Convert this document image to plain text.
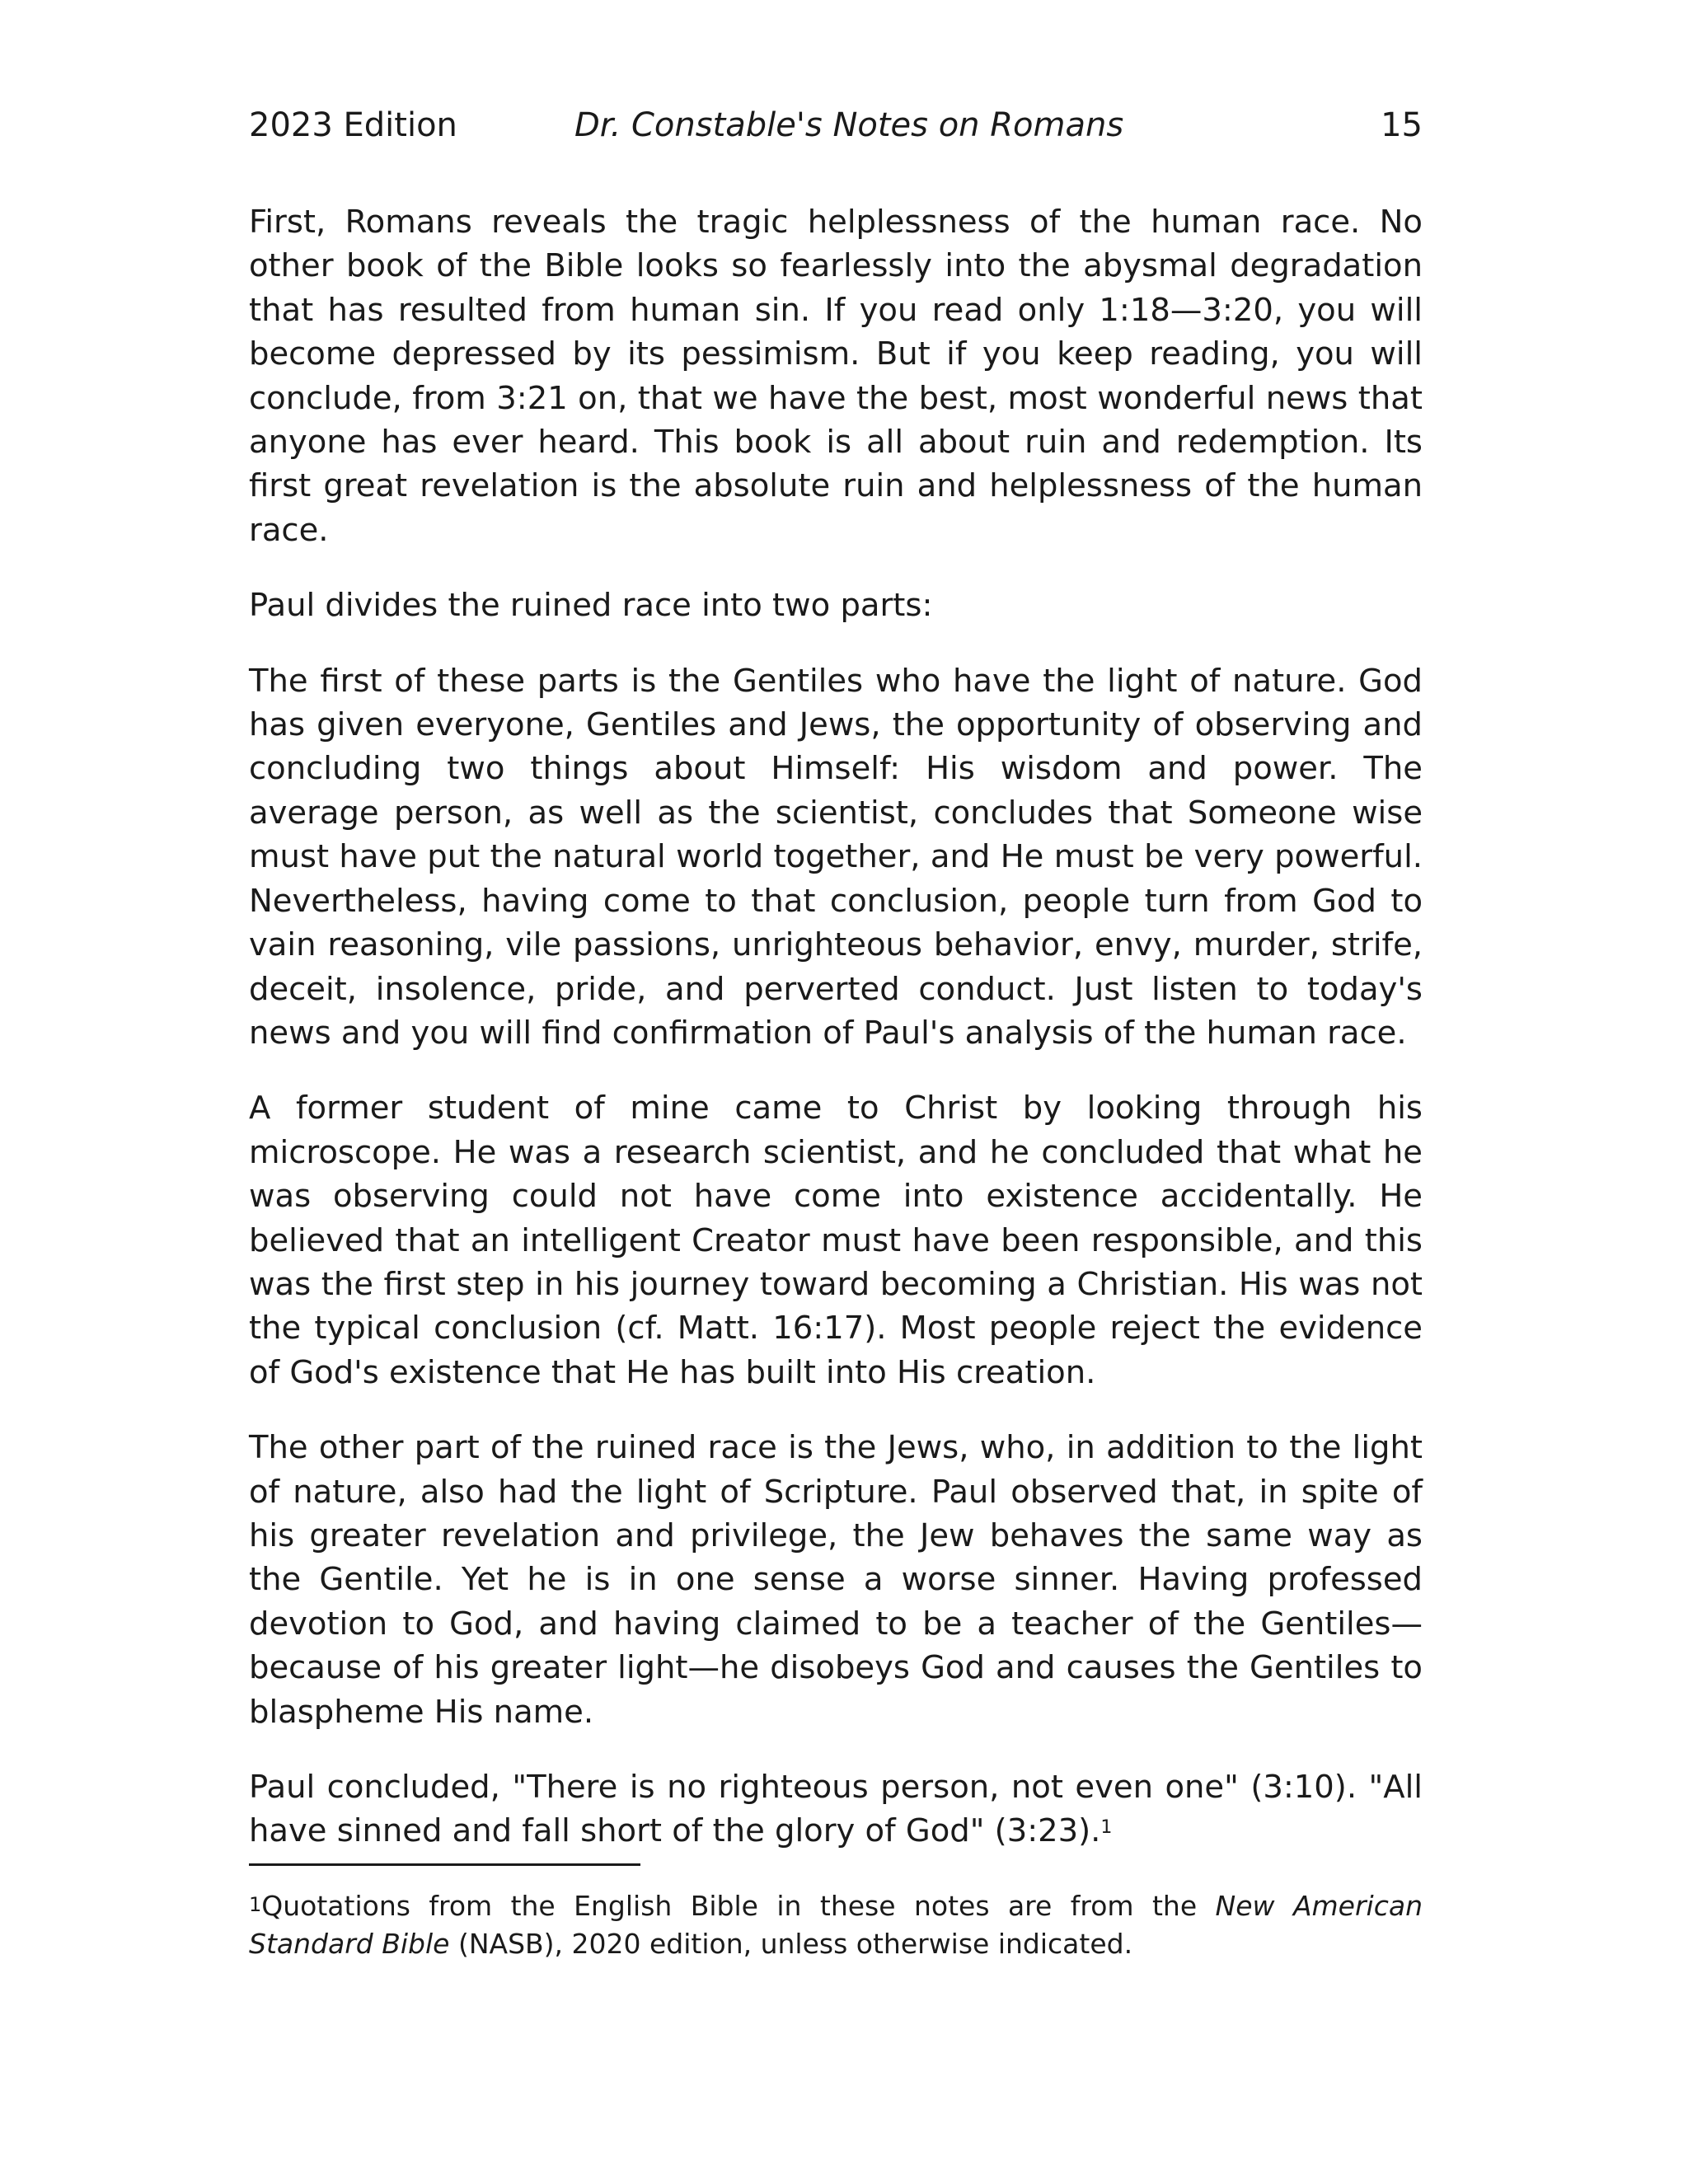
2023 Edition	Dr. Constable's Notes on Romans	15

First, Romans reveals the tragic helplessness of the human race. No other book of the Bible looks so fearlessly into the abysmal degradation that has resulted from human sin. If you read only 1:18—3:20, you will become depressed by its pessimism. But if you keep reading, you will conclude, from 3:21 on, that we have the best, most wonderful news that anyone has ever heard. This book is all about ruin and redemption. Its first great revelation is the absolute ruin and helplessness of the human race.

Paul divides the ruined race into two parts:

The first of these parts is the Gentiles who have the light of nature. God has given everyone, Gentiles and Jews, the opportunity of observing and concluding two things about Himself: His wisdom and power. The average person, as well as the scientist, concludes that Someone wise must have put the natural world together, and He must be very powerful. Nevertheless, having come to that conclusion, people turn from God to vain reasoning, vile passions, unrighteous behavior, envy, murder, strife, deceit, insolence, pride, and perverted conduct. Just listen to today's news and you will find confirmation of Paul's analysis of the human race.

A former student of mine came to Christ by looking through his microscope. He was a research scientist, and he concluded that what he was observing could not have come into existence accidentally. He believed that an intelligent Creator must have been responsible, and this was the first step in his journey toward becoming a Christian. His was not the typical conclusion (cf. Matt. 16:17). Most people reject the evidence of God's existence that He has built into His creation.

The other part of the ruined race is the Jews, who, in addition to the light of nature, also had the light of Scripture. Paul observed that, in spite of his greater revelation and privilege, the Jew behaves the same way as the Gentile. Yet he is in one sense a worse sinner. Having professed devotion to God, and having claimed to be a teacher of the Gentiles—because of his greater light—he disobeys God and causes the Gentiles to blaspheme His name.

Paul concluded, "There is no righteous person, not even one" (3:10). "All have sinned and fall short of the glory of God" (3:23).$^1$

$^1$Quotations from the English Bible in these notes are from the New American Standard Bible (NASB), 2020 edition, unless otherwise indicated.
